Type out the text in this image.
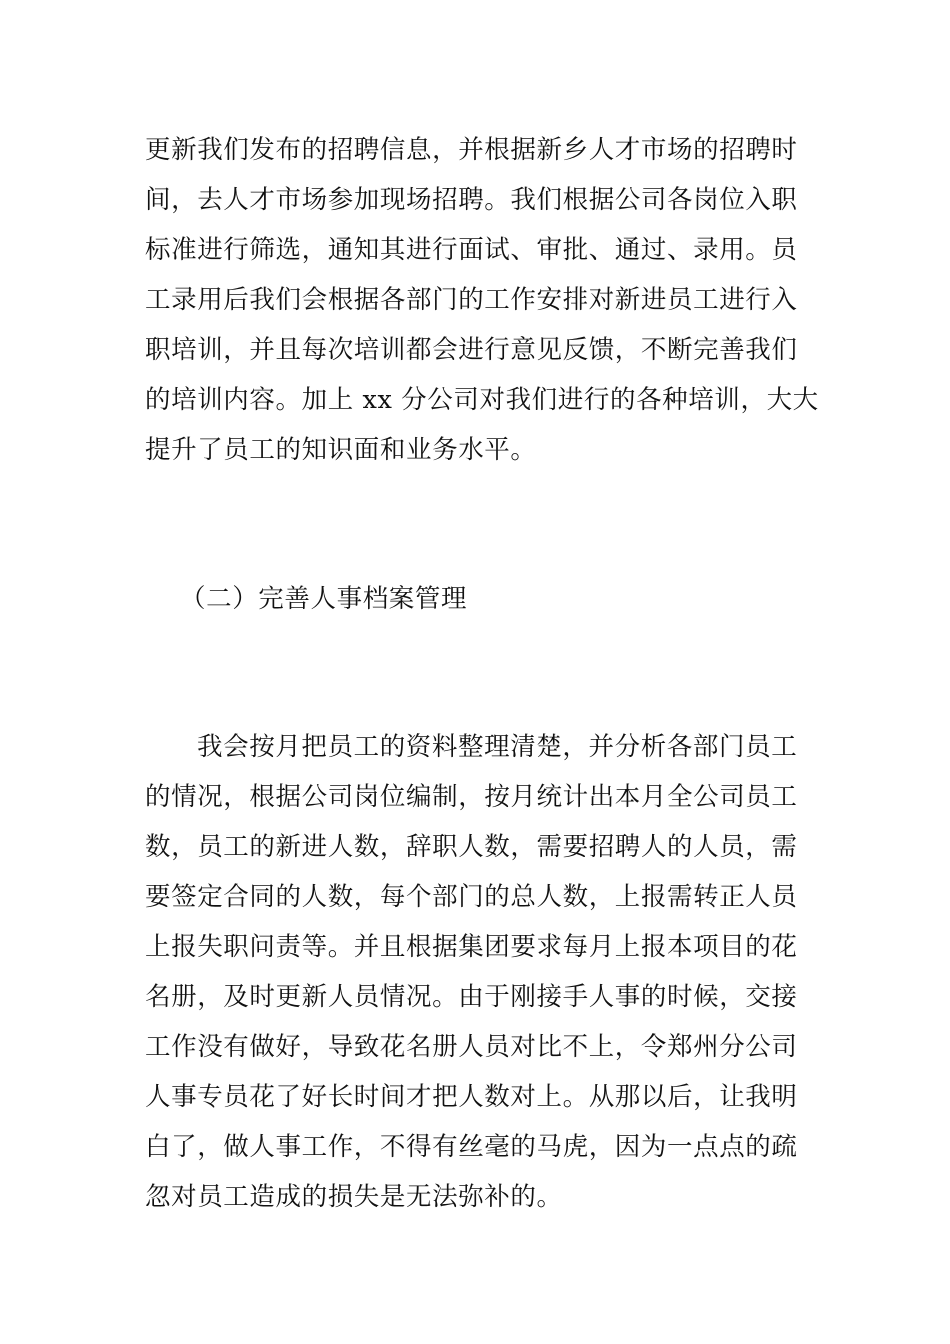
更新我们发布的招聘信息，并根据新乡人才市场的招聘时
间，去人才市场参加现场招聘。我们根据公司各岗位入职
标准进行筛选，通知其进行面试、审批、通过、录用。员
工录用后我们会根据各部门的工作安排对新进员工进行入
职培训，并且每次培训都会进行意见反馈，不断完善我们
的培训内容。加上 xx 分公司对我们进行的各种培训，大大
提升了员工的知识面和业务水平。
（二）完善人事档案管理
我会按月把员工的资料整理清楚，并分析各部门员工
的情况，根据公司岗位编制，按月统计出本月全公司员工
数，员工的新进人数，辞职人数，需要招聘人的人员，需
要签定合同的人数，每个部门的总人数，上报需转正人员
上报失职问责等。并且根据集团要求每月上报本项目的花
名册，及时更新人员情况。由于刚接手人事的时候，交接
工作没有做好，导致花名册人员对比不上，令郑州分公司
人事专员花了好长时间才把人数对上。从那以后，让我明
白了，做人事工作，不得有丝毫的马虎，因为一点点的疏
忽对员工造成的损失是无法弥补的。
